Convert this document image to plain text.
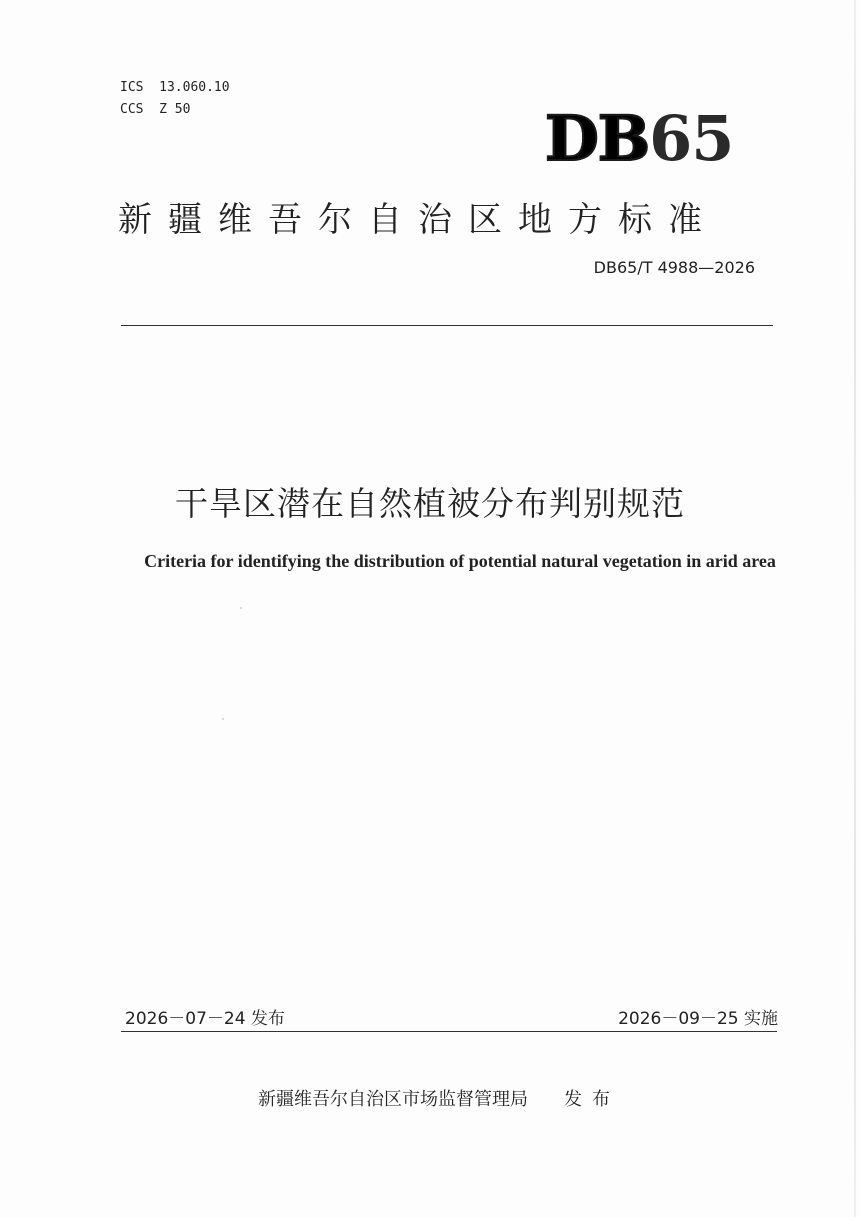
ICS  13.060.10
CCS  Z 50	DB65
新疆维吾尔自治区地方标准
DB65/T 4988—2026
干旱区潜在自然植被分布判别规范
Criteria for identifying the distribution of potential natural vegetation in arid area
2026－07－24 发布	2026－09－25 实施
新疆维吾尔自治区市场监督管理局 发布
